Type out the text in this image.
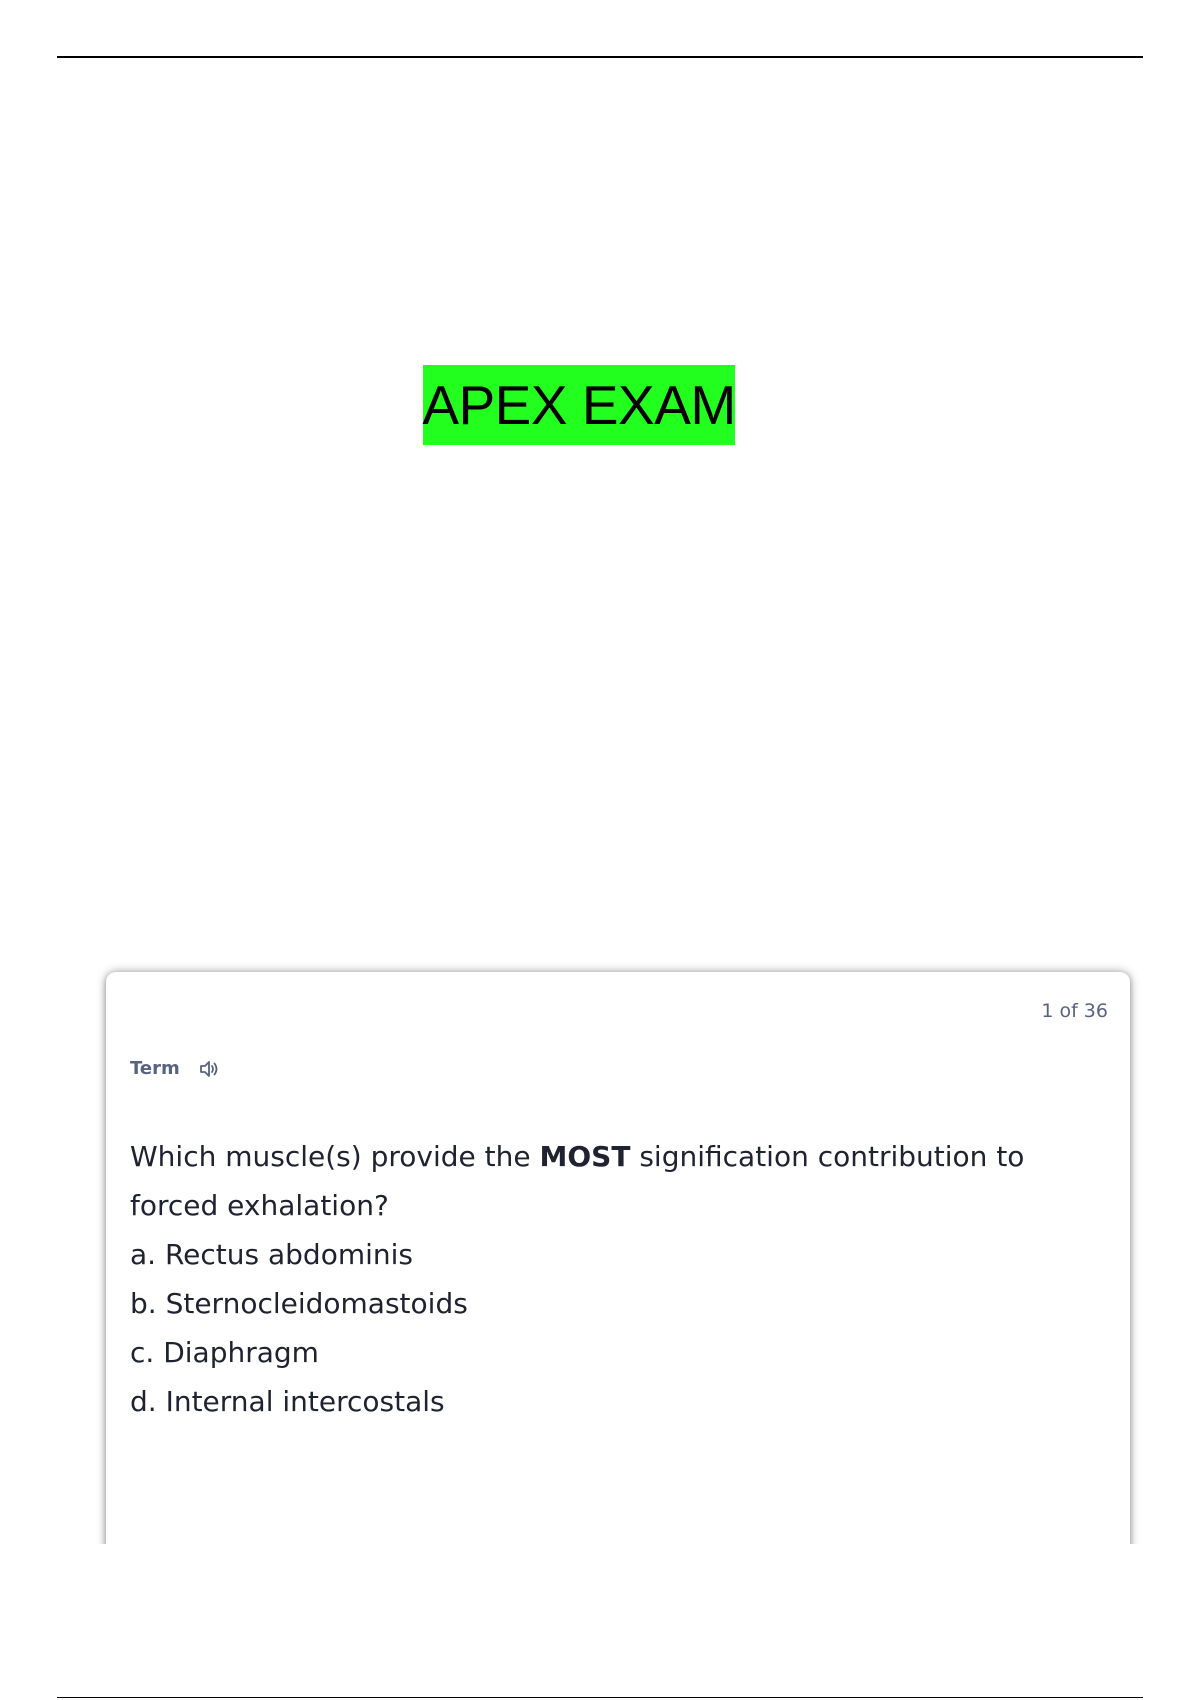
APEX EXAM
1 of 36
Term

Which muscle(s) provide the MOST signification contribution to forced exhalation?

a. Rectus abdominis

b. Sternocleidomastoids

c. Diaphragm

d. Internal intercostals
